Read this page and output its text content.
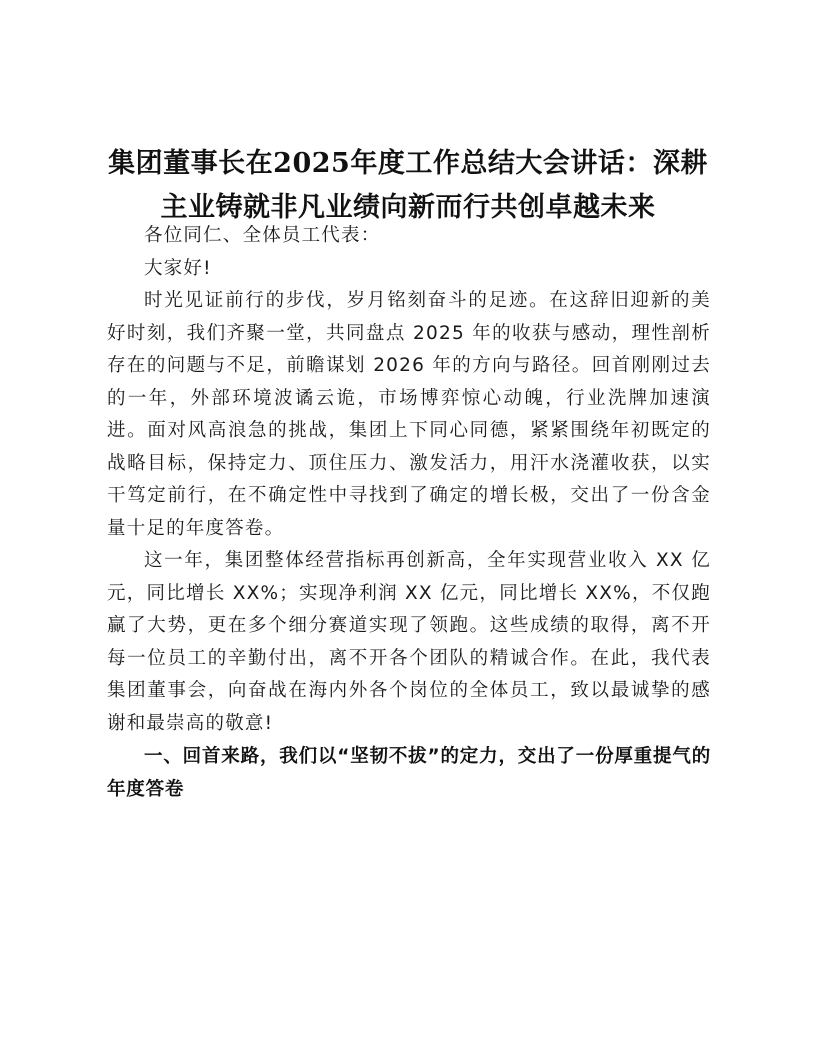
集团董事长在2025年度工作总结大会讲话：深耕主业铸就非凡业绩向新而行共创卓越未来

各位同仁、全体员工代表：

大家好!

时光见证前行的步伐，岁月铭刻奋斗的足迹。在这辞旧迎新的美好时刻，我们齐聚一堂，共同盘点 2025 年的收获与感动，理性剖析存在的问题与不足，前瞻谋划 2026 年的方向与路径。回首刚刚过去的一年，外部环境波谲云诡，市场博弈惊心动魄，行业洗牌加速演进。面对风高浪急的挑战，集团上下同心同德，紧紧围绕年初既定的战略目标，保持定力、顶住压力、激发活力，用汗水浇灌收获，以实干笃定前行，在不确定性中寻找到了确定的增长极，交出了一份含金量十足的年度答卷。

这一年，集团整体经营指标再创新高，全年实现营业收入 XX 亿元，同比增长 XX%；实现净利润 XX 亿元，同比增长 XX%，不仅跑赢了大势，更在多个细分赛道实现了领跑。这些成绩的取得，离不开每一位员工的辛勤付出，离不开各个团队的精诚合作。在此，我代表集团董事会，向奋战在海内外各个岗位的全体员工，致以最诚挚的感谢和最崇高的敬意!

一、回首来路，我们以“坚韧不拔”的定力，交出了一份厚重提气的年度答卷
